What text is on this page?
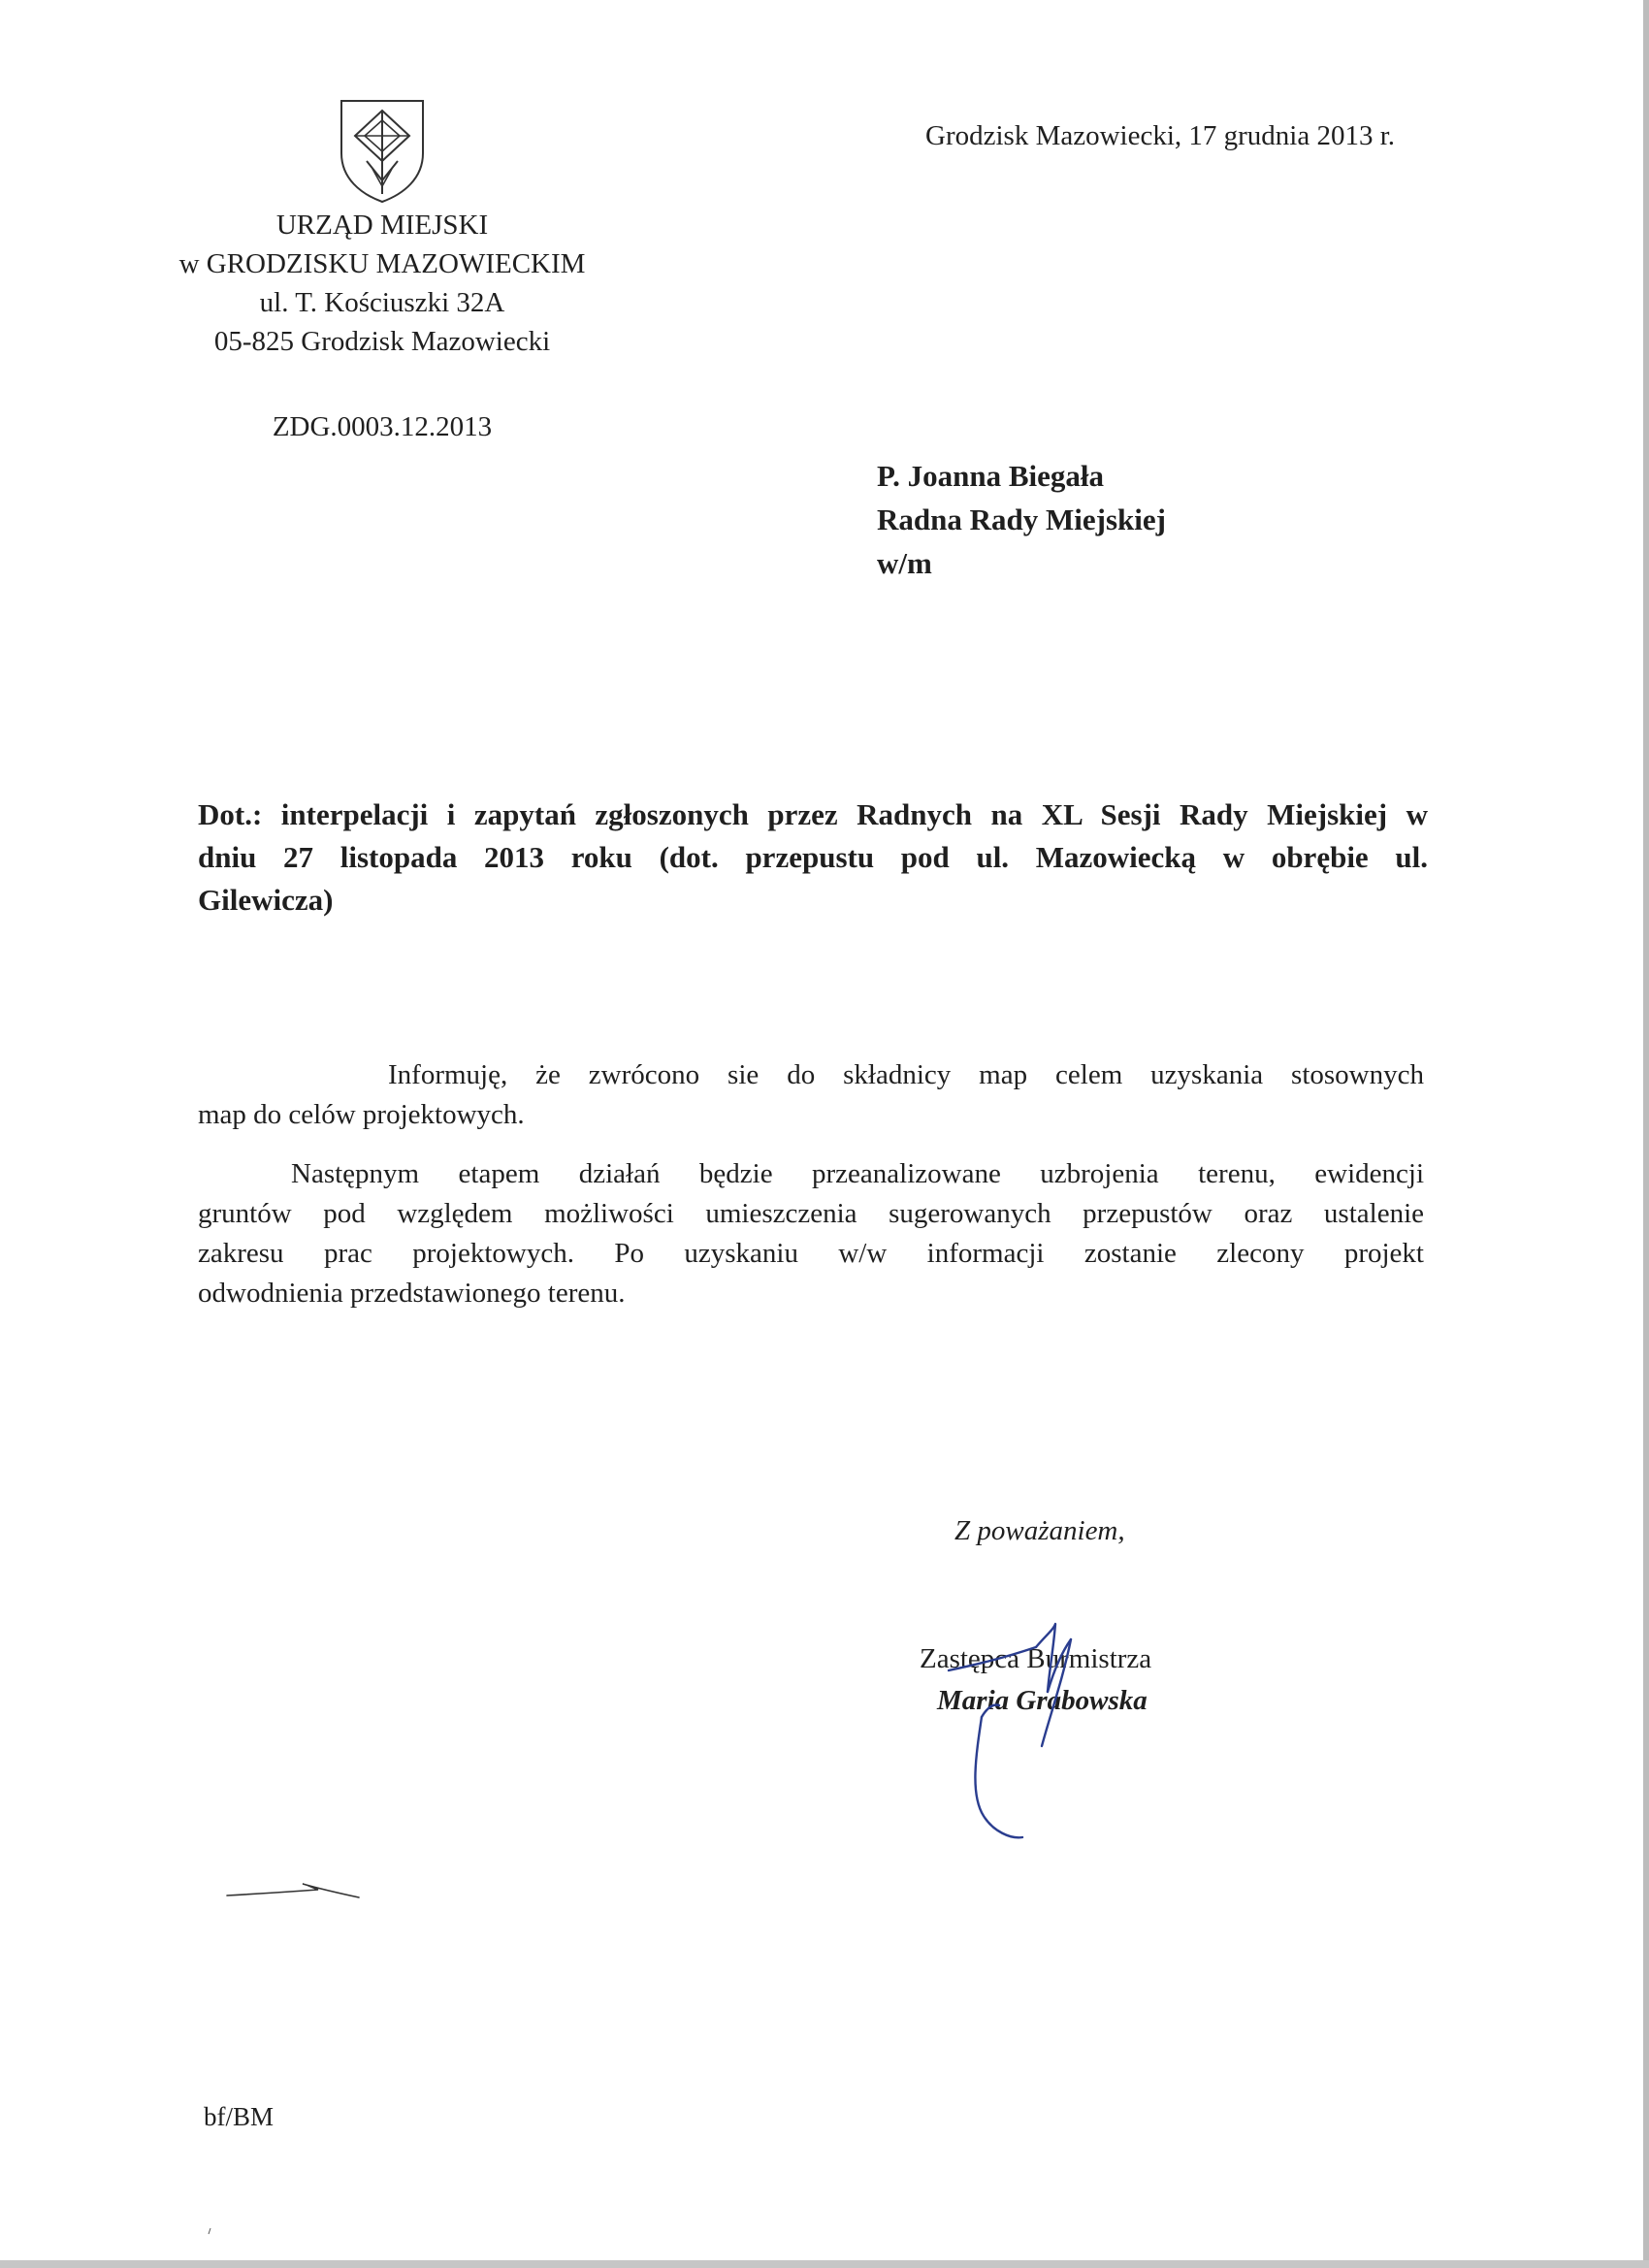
URZĄD MIEJSKI
w GRODZISKU MAZOWIECKIM
ul. T. Kościuszki 32A
05-825 Grodzisk Mazowiecki
ZDG.0003.12.2013
Grodzisk Mazowiecki, 17 grudnia 2013 r.
P. Joanna Biegała
Radna Rady Miejskiej
w/m
Dot.: interpelacji i zapytań zgłoszonych przez Radnych na XL Sesji Rady Miejskiej w
dniu 27 listopada 2013 roku (dot. przepustu pod ul. Mazowiecką w obrębie ul.
Gilewicza)
Informuję, że zwrócono sie do składnicy map celem uzyskania stosownych
map do celów projektowych.
Następnym etapem działań będzie przeanalizowane uzbrojenia terenu, ewidencji
gruntów pod względem możliwości umieszczenia sugerowanych przepustów oraz ustalenie
zakresu prac projektowych. Po uzyskaniu w/w informacji zostanie zlecony projekt
odwodnienia przedstawionego terenu.
Z poważaniem,
Zastępca Burmistrza
Maria Grabowska
bf/BM
